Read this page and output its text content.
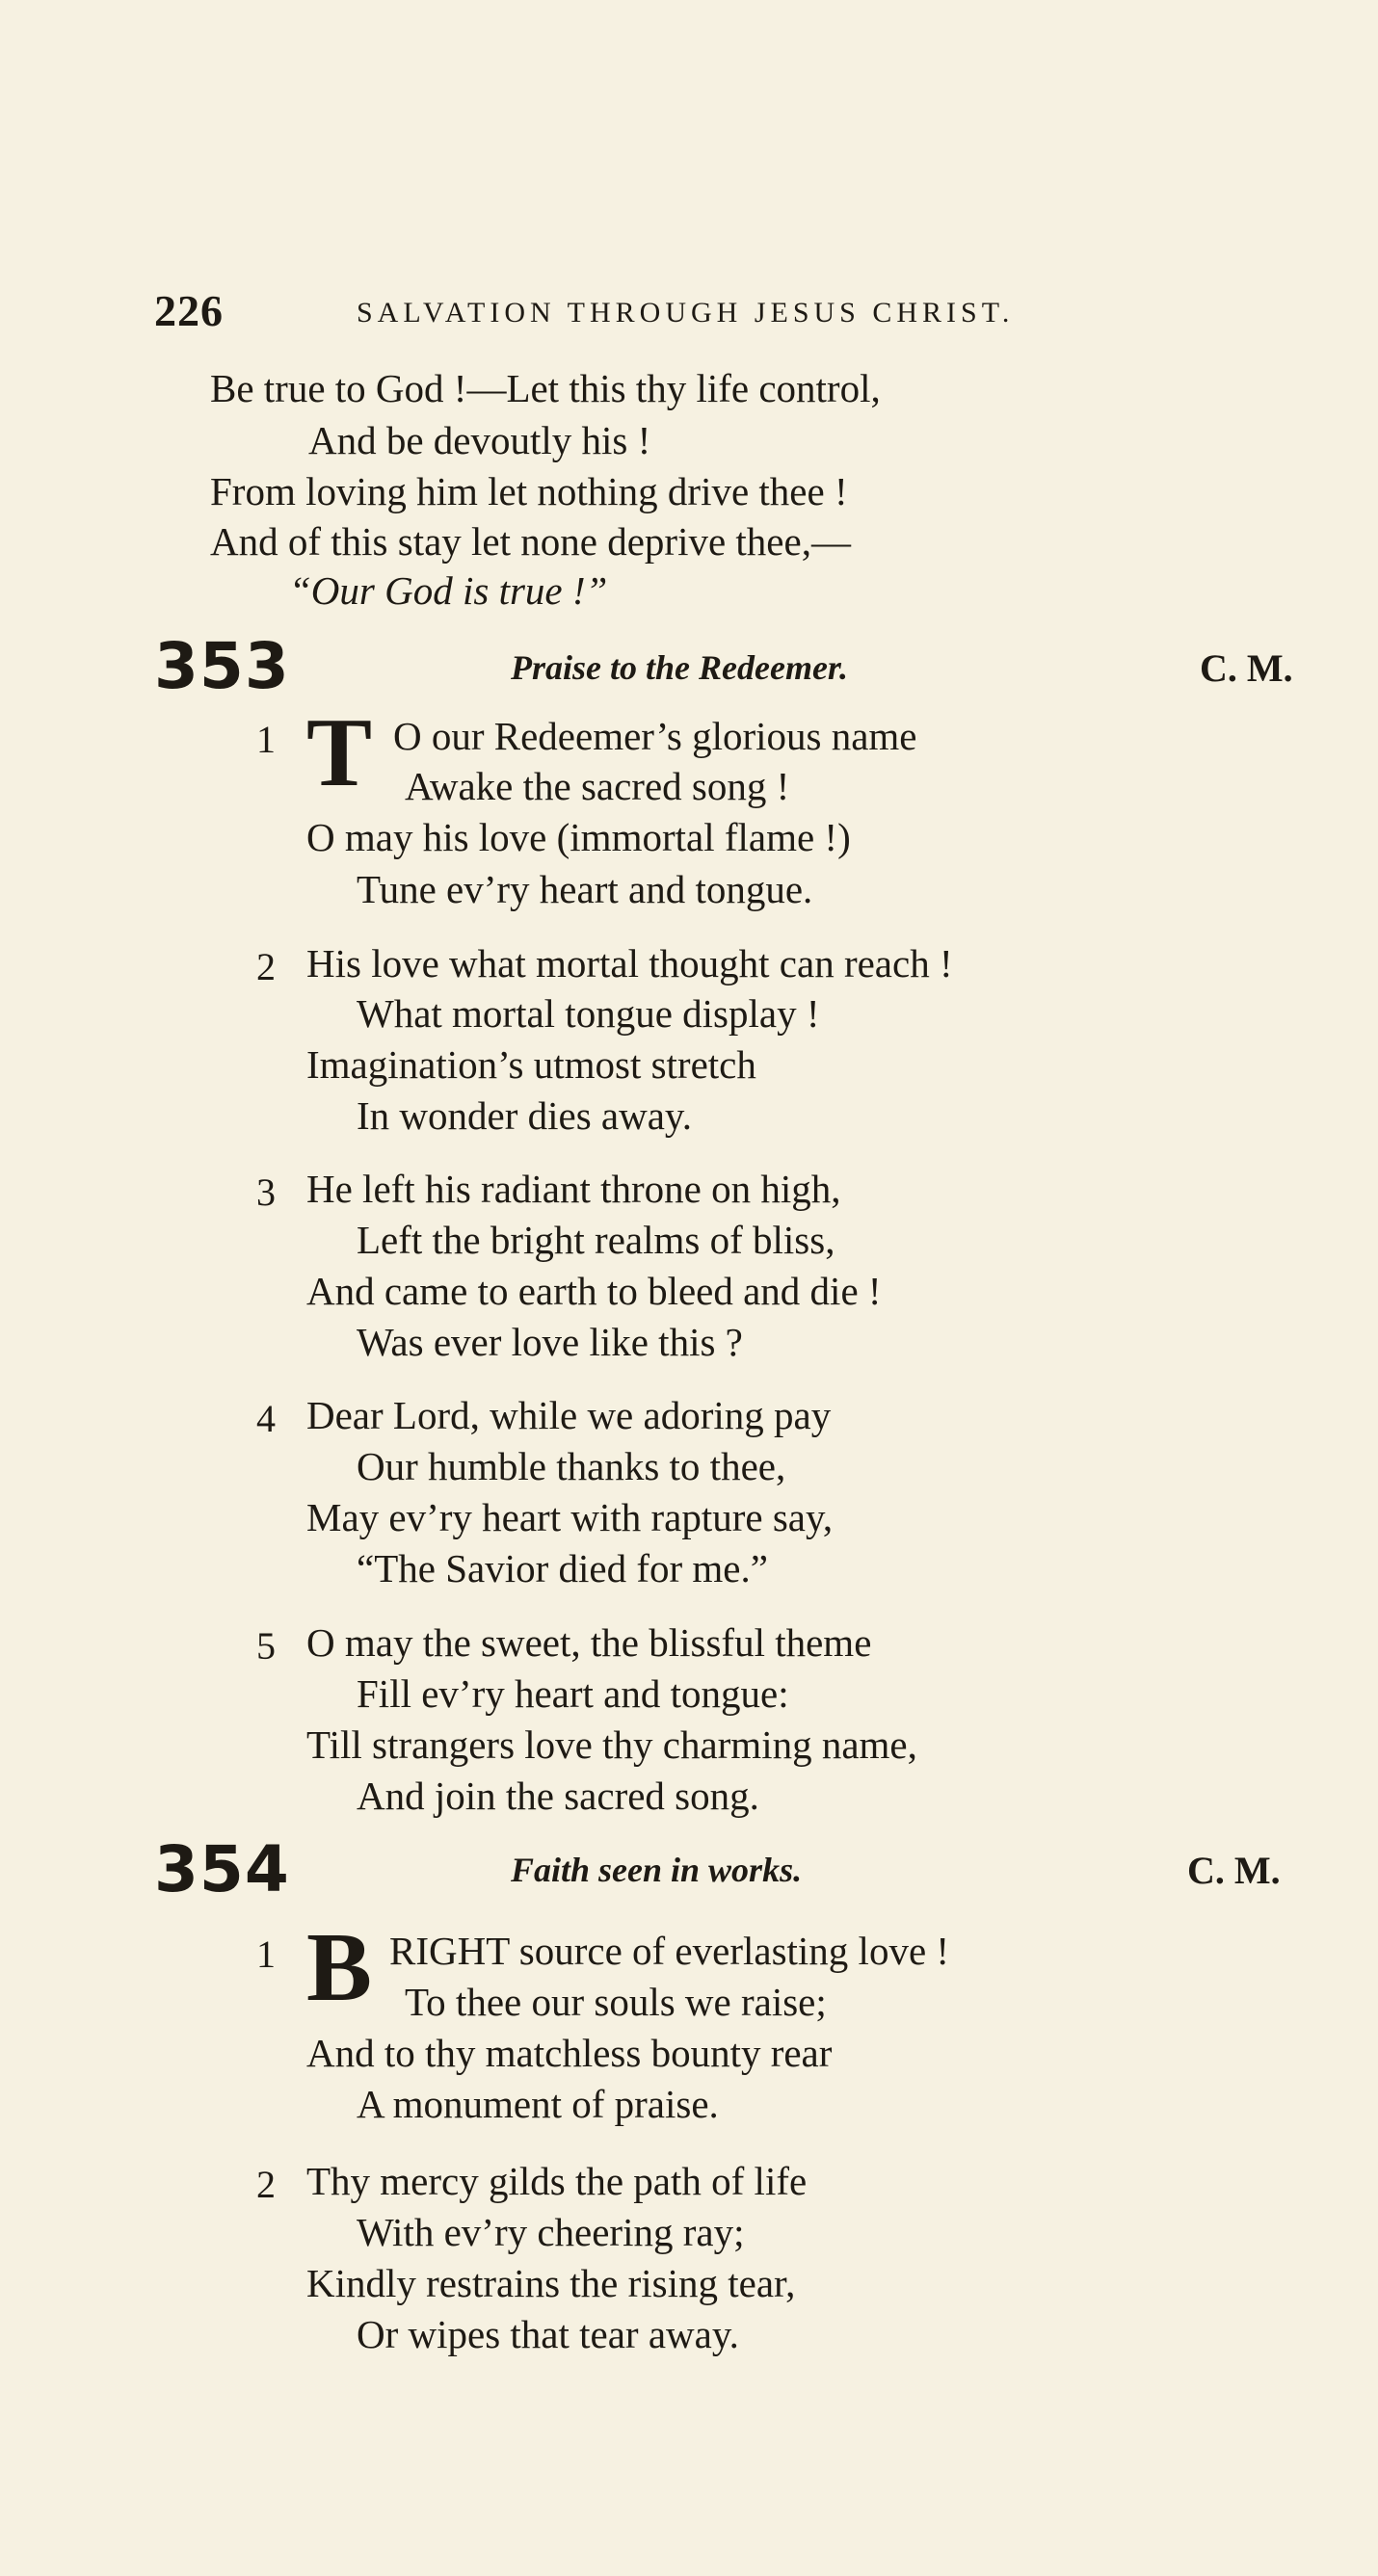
226	SALVATION THROUGH JESUS CHRIST.
Be true to God !—Let this thy life control,
And be devoutly his !
From loving him let nothing drive thee !
And of this stay let none deprive thee,—
“Our God is true !”
353	Praise to the Redeemer.	C. M.
1 T O our Redeemer’s glorious name
Awake the sacred song !
O may his love (immortal flame !)
Tune ev’ry heart and tongue.
2 His love what mortal thought can reach !
What mortal tongue display !
Imagination’s utmost stretch
In wonder dies away.
3 He left his radiant throne on high,
Left the bright realms of bliss,
And came to earth to bleed and die !
Was ever love like this ?
4 Dear Lord, while we adoring pay
Our humble thanks to thee,
May ev’ry heart with rapture say,
“The Savior died for me.”
5 O may the sweet, the blissful theme
Fill ev’ry heart and tongue:
Till strangers love thy charming name,
And join the sacred song.
354	Faith seen in works.	C. M.
1 B RIGHT source of everlasting love !
To thee our souls we raise;
And to thy matchless bounty rear
A monument of praise.
2 Thy mercy gilds the path of life
With ev’ry cheering ray;
Kindly restrains the rising tear,
Or wipes that tear away.
